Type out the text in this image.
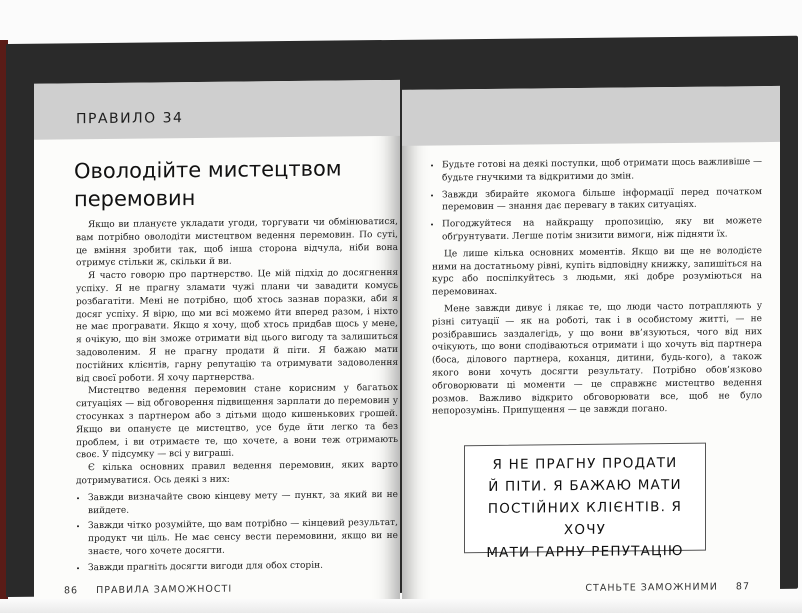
ПРАВИЛО 34
Оволодійте мистецтвом перемовин

Якщо ви плануєте укладати угоди, торгувати чи обмінюватися, вам потрібно оволодіти мистецтвом ведення перемовин. По суті, це вміння зробити так, щоб інша сторона відчула, ніби вона отримує стільки ж, скільки й ви.

Я часто говорю про партнерство. Це мій підхід до досягнення успіху. Я не прагну зламати чужі плани чи завадити комусь розбагатіти. Мені не потрібно, щоб хтось зазнав поразки, аби я досяг успіху. Я вірю, що ми всі можемо йти вперед разом, і ніхто не має програвати. Якщо я хочу, щоб хтось придбав щось у мене, я очікую, що він зможе отримати від цього вигоду та залишиться задоволеним. Я не прагну продати й піти. Я бажаю мати постійних клієнтів, гарну репутацію та отримувати задоволення від своєї роботи. Я хочу партнерства.

Мистецтво ведення перемовин стане корисним у багатьох ситуаціях — від обговорення підвищення зарплати до перемовин у стосунках з партнером або з дітьми щодо кишенькових грошей. Якщо ви опануєте це мистецтво, усе буде йти легко та без проблем, і ви отримаєте те, що хочете, а вони теж отримають своє. У підсумку — всі у виграші.

Є кілька основних правил ведення перемовин, яких варто дотримуватися. Ось деякі з них:

• Завжди визначайте свою кінцеву мету — пункт, за який ви не вийдете.
• Завжди чітко розумійте, що вам потрібно — кінцевий результат, продукт чи ціль. Не має сенсу вести перемовини, якщо ви не знаєте, чого хочете досягти.
• Завжди прагніть досягти вигоди для обох сторін.
86 ПРАВИЛА ЗАМОЖНОСТІ
• Будьте готові на деякі поступки, щоб отримати щось важливіше — будьте гнучкими та відкритими до змін.
• Завжди збирайте якомога більше інформації перед початком перемовин — знання дає перевагу в таких ситуаціях.
• Погоджуйтеся на найкращу пропозицію, яку ви можете обґрунтувати. Легше потім знизити вимоги, ніж підняти їх.

Це лише кілька основних моментів. Якщо ви ще не володієте ними на достатньому рівні, купіть відповідну книжку, запишіться на курс або поспілкуйтесь з людьми, які добре розуміються на перемовинах.

Мене завжди дивує і лякає те, що люди часто потрапляють у різні ситуації — як на роботі, так і в особистому житті, — не розібравшись заздалегідь, у що вони вв’язуються, чого від них очікують, що вони сподіваються отримати і що хочуть від партнера (боса, ділового партнера, коханця, дитини, будь-кого), а також якого вони хочуть досягти результату. Потрібно обов’язково обговорювати ці моменти — це справжнє мистецтво ведення розмов. Важливо відкрито обговорювати все, щоб не було непорозумінь. Припущення — це завжди погано.

Я НЕ ПРАГНУ ПРОДАТИ
Й ПІТИ. Я БАЖАЮ МАТИ
ПОСТІЙНИХ КЛІЄНТІВ. Я ХОЧУ
МАТИ ГАРНУ РЕПУТАЦІЮ
СТАНЬТЕ ЗАМОЖНИМИ 87
